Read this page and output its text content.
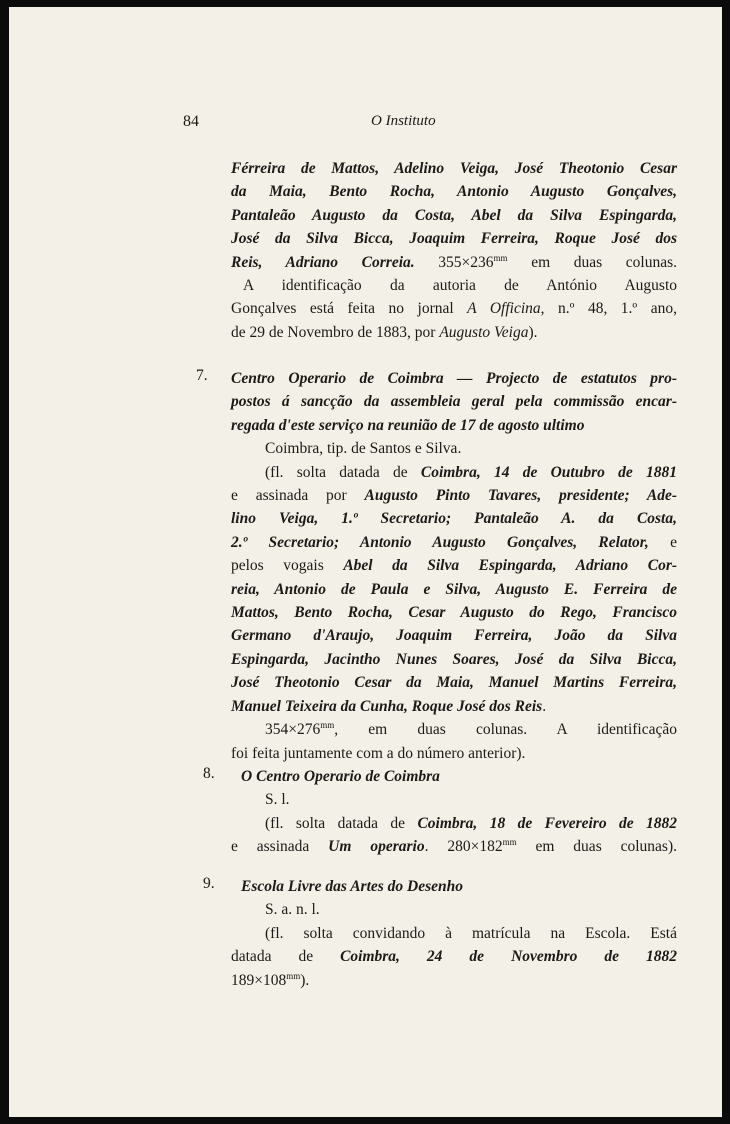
84	O Instituto
Férreira de Mattos, Adelino Veiga, José Theotonio Cesar
da Maia, Bento Rocha, Antonio Augusto Gonçalves,
Pantaleão Augusto da Costa, Abel da Silva Espingarda,
José da Silva Bicca, Joaquim Ferreira, Roque José dos
Reis, Adriano Correia. $355\times 236^{mm}$ em duas colunas.
A identificação da autoria de António Augusto
Gonçalves está feita no jornal A Officina, n.º 48, 1.º ano,
de 29 de Novembro de 1883, por Augusto Veiga).
7. Centro Operario de Coimbra — Projecto de estatutos pro-
postos á sancção da assembleia geral pela commissão encar-
regada d'este serviço na reunião de 17 de agosto ultimo
Coimbra, tip. de Santos e Silva.
(fl. solta datada de Coimbra, 14 de Outubro de 1881
e assinada por Augusto Pinto Tavares, presidente; Ade-
lino Veiga, 1.º Secretario; Pantaleão A. da Costa,
2.º Secretario; Antonio Augusto Gonçalves, Relator, e
pelos vogais Abel da Silva Espingarda, Adriano Cor-
reia, Antonio de Paula e Silva, Augusto E. Ferreira de
Mattos, Bento Rocha, Cesar Augusto do Rego, Francisco
Germano d'Araujo, Joaquim Ferreira, João da Silva
Espingarda, Jacintho Nunes Soares, José da Silva Bicca,
José Theotonio Cesar da Maia, Manuel Martins Ferreira,
Manuel Teixeira da Cunha, Roque José dos Reis.
$354\times 276^{mm}$, em duas colunas. A identificação
foi feita juntamente com a do número anterior).
8.	O Centro Operario de Coimbra
S. l.
(fl. solta datada de Coimbra, 18 de Fevereiro de 1882
e assinada Um operario. $280\times 182^{mm}$ em duas colunas).
9.	Escola Livre das Artes do Desenho
S. a. n. l.
(fl. solta convidando à matrícula na Escola. Está
datada de Coimbra, 24 de Novembro de 1882
$189\times 108^{mm}$).
